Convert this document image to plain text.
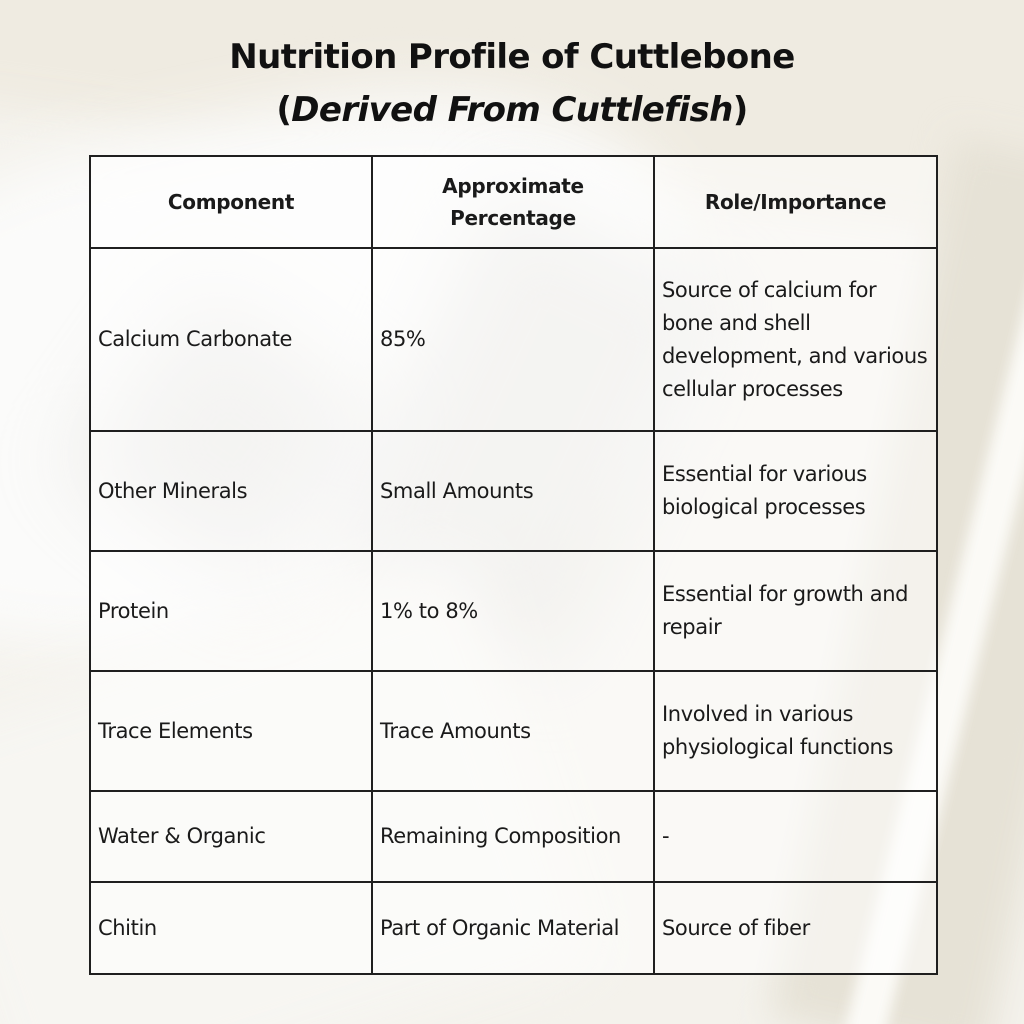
Nutrition Profile of Cuttlebone
(Derived From Cuttlefish)
Component	Approximate Percentage	Role/Importance
Calcium Carbonate	85%	Source of calcium for bone and shell development, and various cellular processes
Other Minerals	Small Amounts	Essential for various biological processes
Protein	1% to 8%	Essential for growth and repair
Trace Elements	Trace Amounts	Involved in various physiological functions
Water & Organic	Remaining Composition	-
Chitin	Part of Organic Material	Source of fiber
